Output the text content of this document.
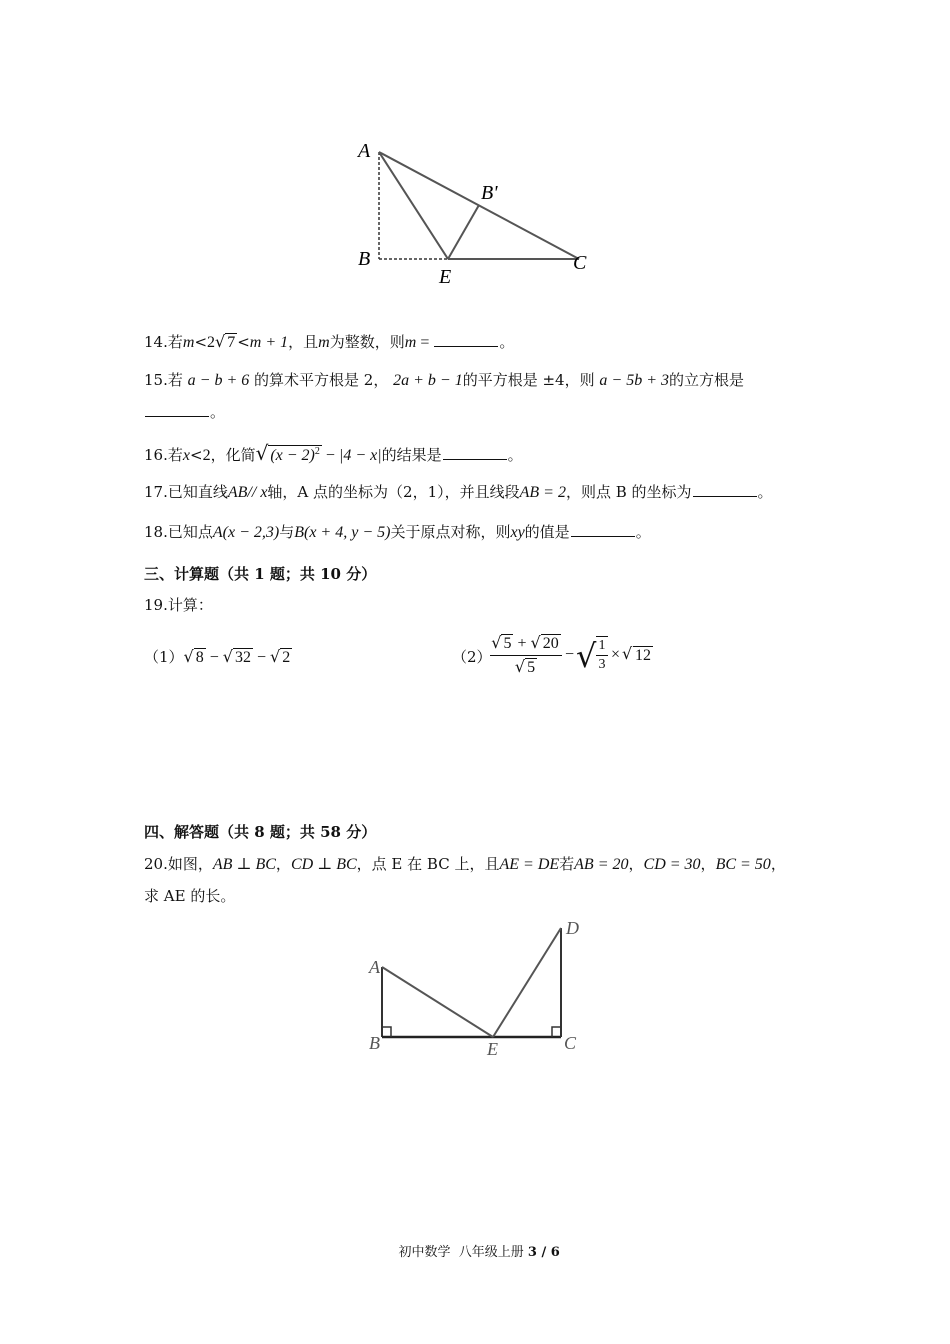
A
B
B'
E
C
14.若m<2√ 7 <m + 1，且m为整数，则m =	。
15.若 a − b + 6 的算术平方根是 2， 2a + b − 1的平方根是 ±4，则 a − 5b + 3的立方根是
。
16.若x<2，化简√ $(x - 2)^2 - |4 - x|$的结果是	。
17.已知直线AB// x轴，A 点的坐标为（2，1），并且线段AB = 2，则点 B 的坐标为	。
18.已知点A(x − 2,3)与B(x + 4, y − 5)关于原点对称，则xy的值是	。
三、计算题（共 1 题；共 10 分）
19.计算：
（1）√ 8 − √ 32 − √ 2	（2）
√ 5 + √ 20
√ 5
− √ $\frac{1}{3}$ × √ 12
四、解答题（共 8 题；共 58 分）
20.如图，AB ⊥ BC，CD ⊥ BC，点 E 在 BC 上，且AE = DE若AB = 20，CD = 30，BC = 50，
求 AE 的长。
A
B	E	C
D

初中数学  八年级上册 3 / 6
